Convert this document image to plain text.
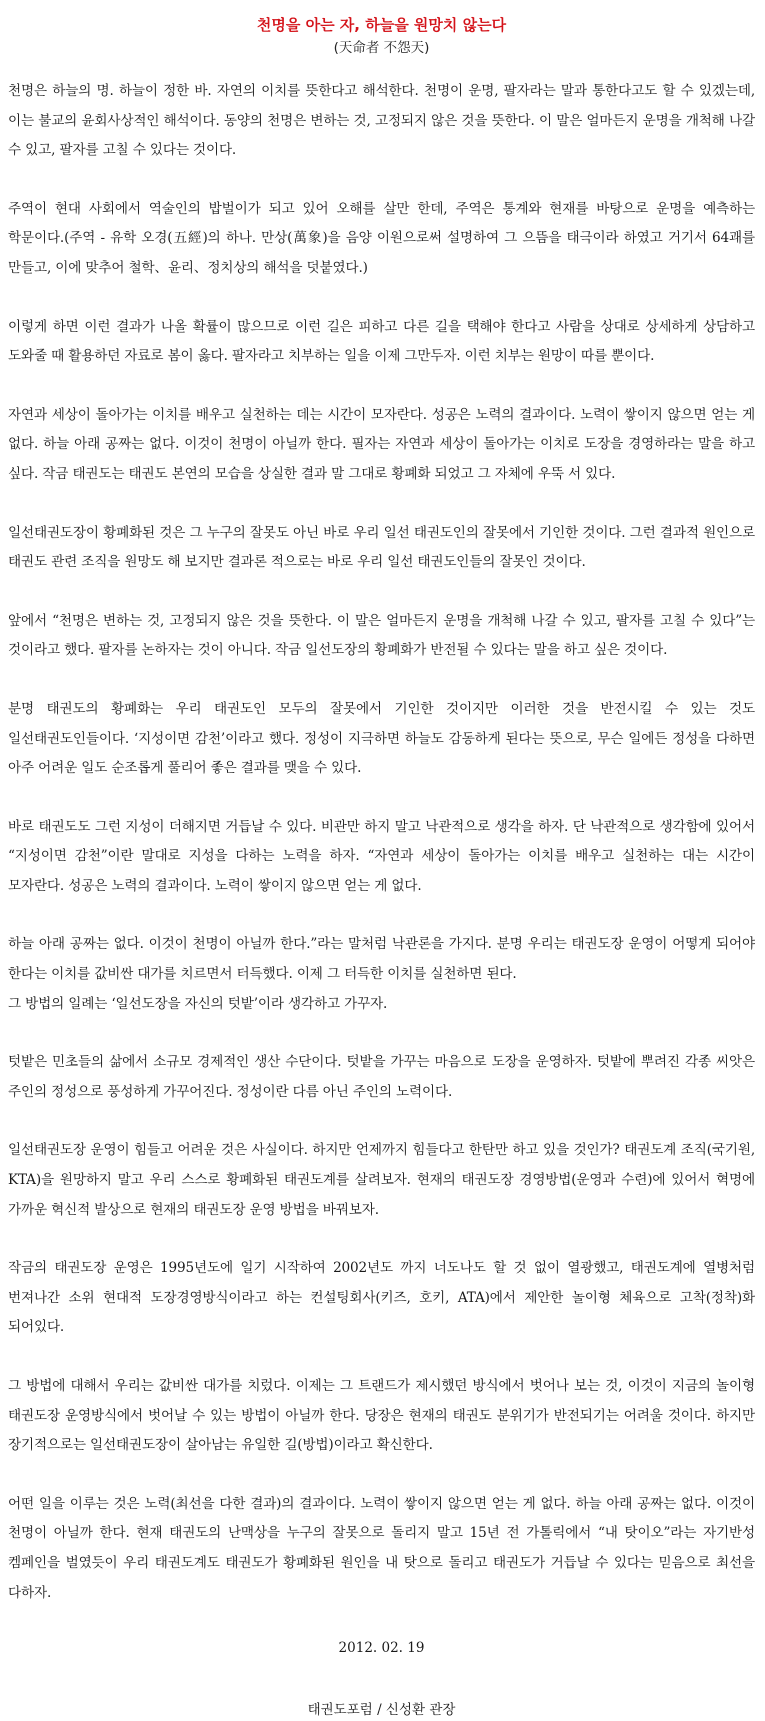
천명을 아는 자, 하늘을 원망치 않는다

(天命者 不怨天)

천명은 하늘의 명. 하늘이 정한 바. 자연의 이치를 뜻한다고 해석한다. 천명이 운명, 팔자라는 말과 통한다고도 할 수 있겠는데, 이는 불교의 윤회사상적인 해석이다. 동양의 천명은 변하는 것, 고정되지 않은 것을 뜻한다. 이 말은 얼마든지 운명을 개척해 나갈 수 있고, 팔자를 고칠 수 있다는 것이다.

주역이 현대 사회에서 역술인의 밥벌이가 되고 있어 오해를 살만 한데, 주역은 통계와 현재를 바탕으로 운명을 예측하는 학문이다.(주역 - 유학 오경(五經)의 하나. 만상(萬象)을 음양 이원으로써 설명하여 그 으뜸을 태극이라 하였고 거기서 64괘를 만들고, 이에 맞추어 철학、윤리、정치상의 해석을 덧붙였다.)

이렇게 하면 이런 결과가 나올 확률이 많으므로 이런 길은 피하고 다른 길을 택해야 한다고 사람을 상대로 상세하게 상담하고 도와줄 때 활용하던 자료로 봄이 옳다. 팔자라고 치부하는 일을 이제 그만두자. 이런 치부는 원망이 따를 뿐이다.

자연과 세상이 돌아가는 이치를 배우고 실천하는 데는 시간이 모자란다. 성공은 노력의 결과이다. 노력이 쌓이지 않으면 얻는 게 없다. 하늘 아래 공짜는 없다. 이것이 천명이 아닐까 한다. 필자는 자연과 세상이 돌아가는 이치로 도장을 경영하라는 말을 하고 싶다. 작금 태권도는 태권도 본연의 모습을 상실한 결과 말 그대로 황폐화 되었고 그 자체에 우뚝 서 있다.

일선태권도장이 황폐화된 것은 그 누구의 잘못도 아닌 바로 우리 일선 태권도인의 잘못에서 기인한 것이다. 그런 결과적 원인으로 태권도 관련 조직을 원망도 해 보지만 결과론 적으로는 바로 우리 일선 태권도인들의 잘못인 것이다.

앞에서 “천명은 변하는 것, 고정되지 않은 것을 뜻한다. 이 말은 얼마든지 운명을 개척해 나갈 수 있고, 팔자를 고칠 수 있다”는 것이라고 했다. 팔자를 논하자는 것이 아니다. 작금 일선도장의 황폐화가 반전될 수 있다는 말을 하고 싶은 것이다.

분명 태권도의 황폐화는 우리 태권도인 모두의 잘못에서 기인한 것이지만 이러한 것을 반전시킬 수 있는 것도 일선태권도인들이다. ‘지성이면 감천’이라고 했다. 정성이 지극하면 하늘도 감동하게 된다는 뜻으로, 무슨 일에든 정성을 다하면 아주 어려운 일도 순조롭게 풀리어 좋은 결과를 맺을 수 있다.

바로 태권도도 그런 지성이 더해지면 거듭날 수 있다. 비관만 하지 말고 낙관적으로 생각을 하자. 단 낙관적으로 생각함에 있어서 “지성이면 감천”이란 말대로 지성을 다하는 노력을 하자. “자연과 세상이 돌아가는 이치를 배우고 실천하는 대는 시간이 모자란다. 성공은 노력의 결과이다. 노력이 쌓이지 않으면 얻는 게 없다.

하늘 아래 공짜는 없다. 이것이 천명이 아닐까 한다.”라는 말처럼 낙관론을 가지다. 분명 우리는 태권도장 운영이 어떻게 되어야 한다는 이치를 값비싼 대가를 치르면서 터득했다. 이제 그 터득한 이치를 실천하면 된다.

그 방법의 일례는 ‘일선도장을 자신의 텃밭’이라 생각하고 가꾸자.

텃밭은 민초들의 삶에서 소규모 경제적인 생산 수단이다. 텃밭을 가꾸는 마음으로 도장을 운영하자. 텃밭에 뿌려진 각종 씨앗은 주인의 정성으로 풍성하게 가꾸어진다. 정성이란 다름 아닌 주인의 노력이다.

일선태권도장 운영이 힘들고 어려운 것은 사실이다. 하지만 언제까지 힘들다고 한탄만 하고 있을 것인가? 태권도계 조직(국기원, KTA)을 원망하지 말고 우리 스스로 황폐화된 태권도계를 살려보자. 현재의 태권도장 경영방법(운영과 수련)에 있어서 혁명에 가까운 혁신적 발상으로 현재의 태권도장 운영 방법을 바꿔보자.

작금의 태권도장 운영은 1995년도에 일기 시작하여 2002년도 까지 너도나도 할 것 없이 열광했고, 태권도계에 열병처럼 번져나간 소위 현대적 도장경영방식이라고 하는 컨설팅회사(키즈, 호키, ATA)에서 제안한 놀이형 체육으로 고착(정착)화 되어있다.

그 방법에 대해서 우리는 값비싼 대가를 치렀다. 이제는 그 트랜드가 제시했던 방식에서 벗어나 보는 것, 이것이 지금의 놀이형 태권도장 운영방식에서 벗어날 수 있는 방법이 아닐까 한다. 당장은 현재의 태권도 분위기가 반전되기는 어려울 것이다. 하지만 장기적으로는 일선태권도장이 살아남는 유일한 길(방법)이라고 확신한다.

어떤 일을 이루는 것은 노력(최선을 다한 결과)의 결과이다. 노력이 쌓이지 않으면 얻는 게 없다. 하늘 아래 공짜는 없다. 이것이 천명이 아닐까 한다. 현재 태권도의 난맥상을 누구의 잘못으로 돌리지 말고 15년 전 가톨릭에서 “내 탓이오”라는 자기반성 켐페인을 벌였듯이 우리 태권도계도 태권도가 황폐화된 원인을 내 탓으로 돌리고 태권도가 거듭날 수 있다는 믿음으로 최선을 다하자.

2012. 02. 19

태권도포럼 / 신성환 관장
